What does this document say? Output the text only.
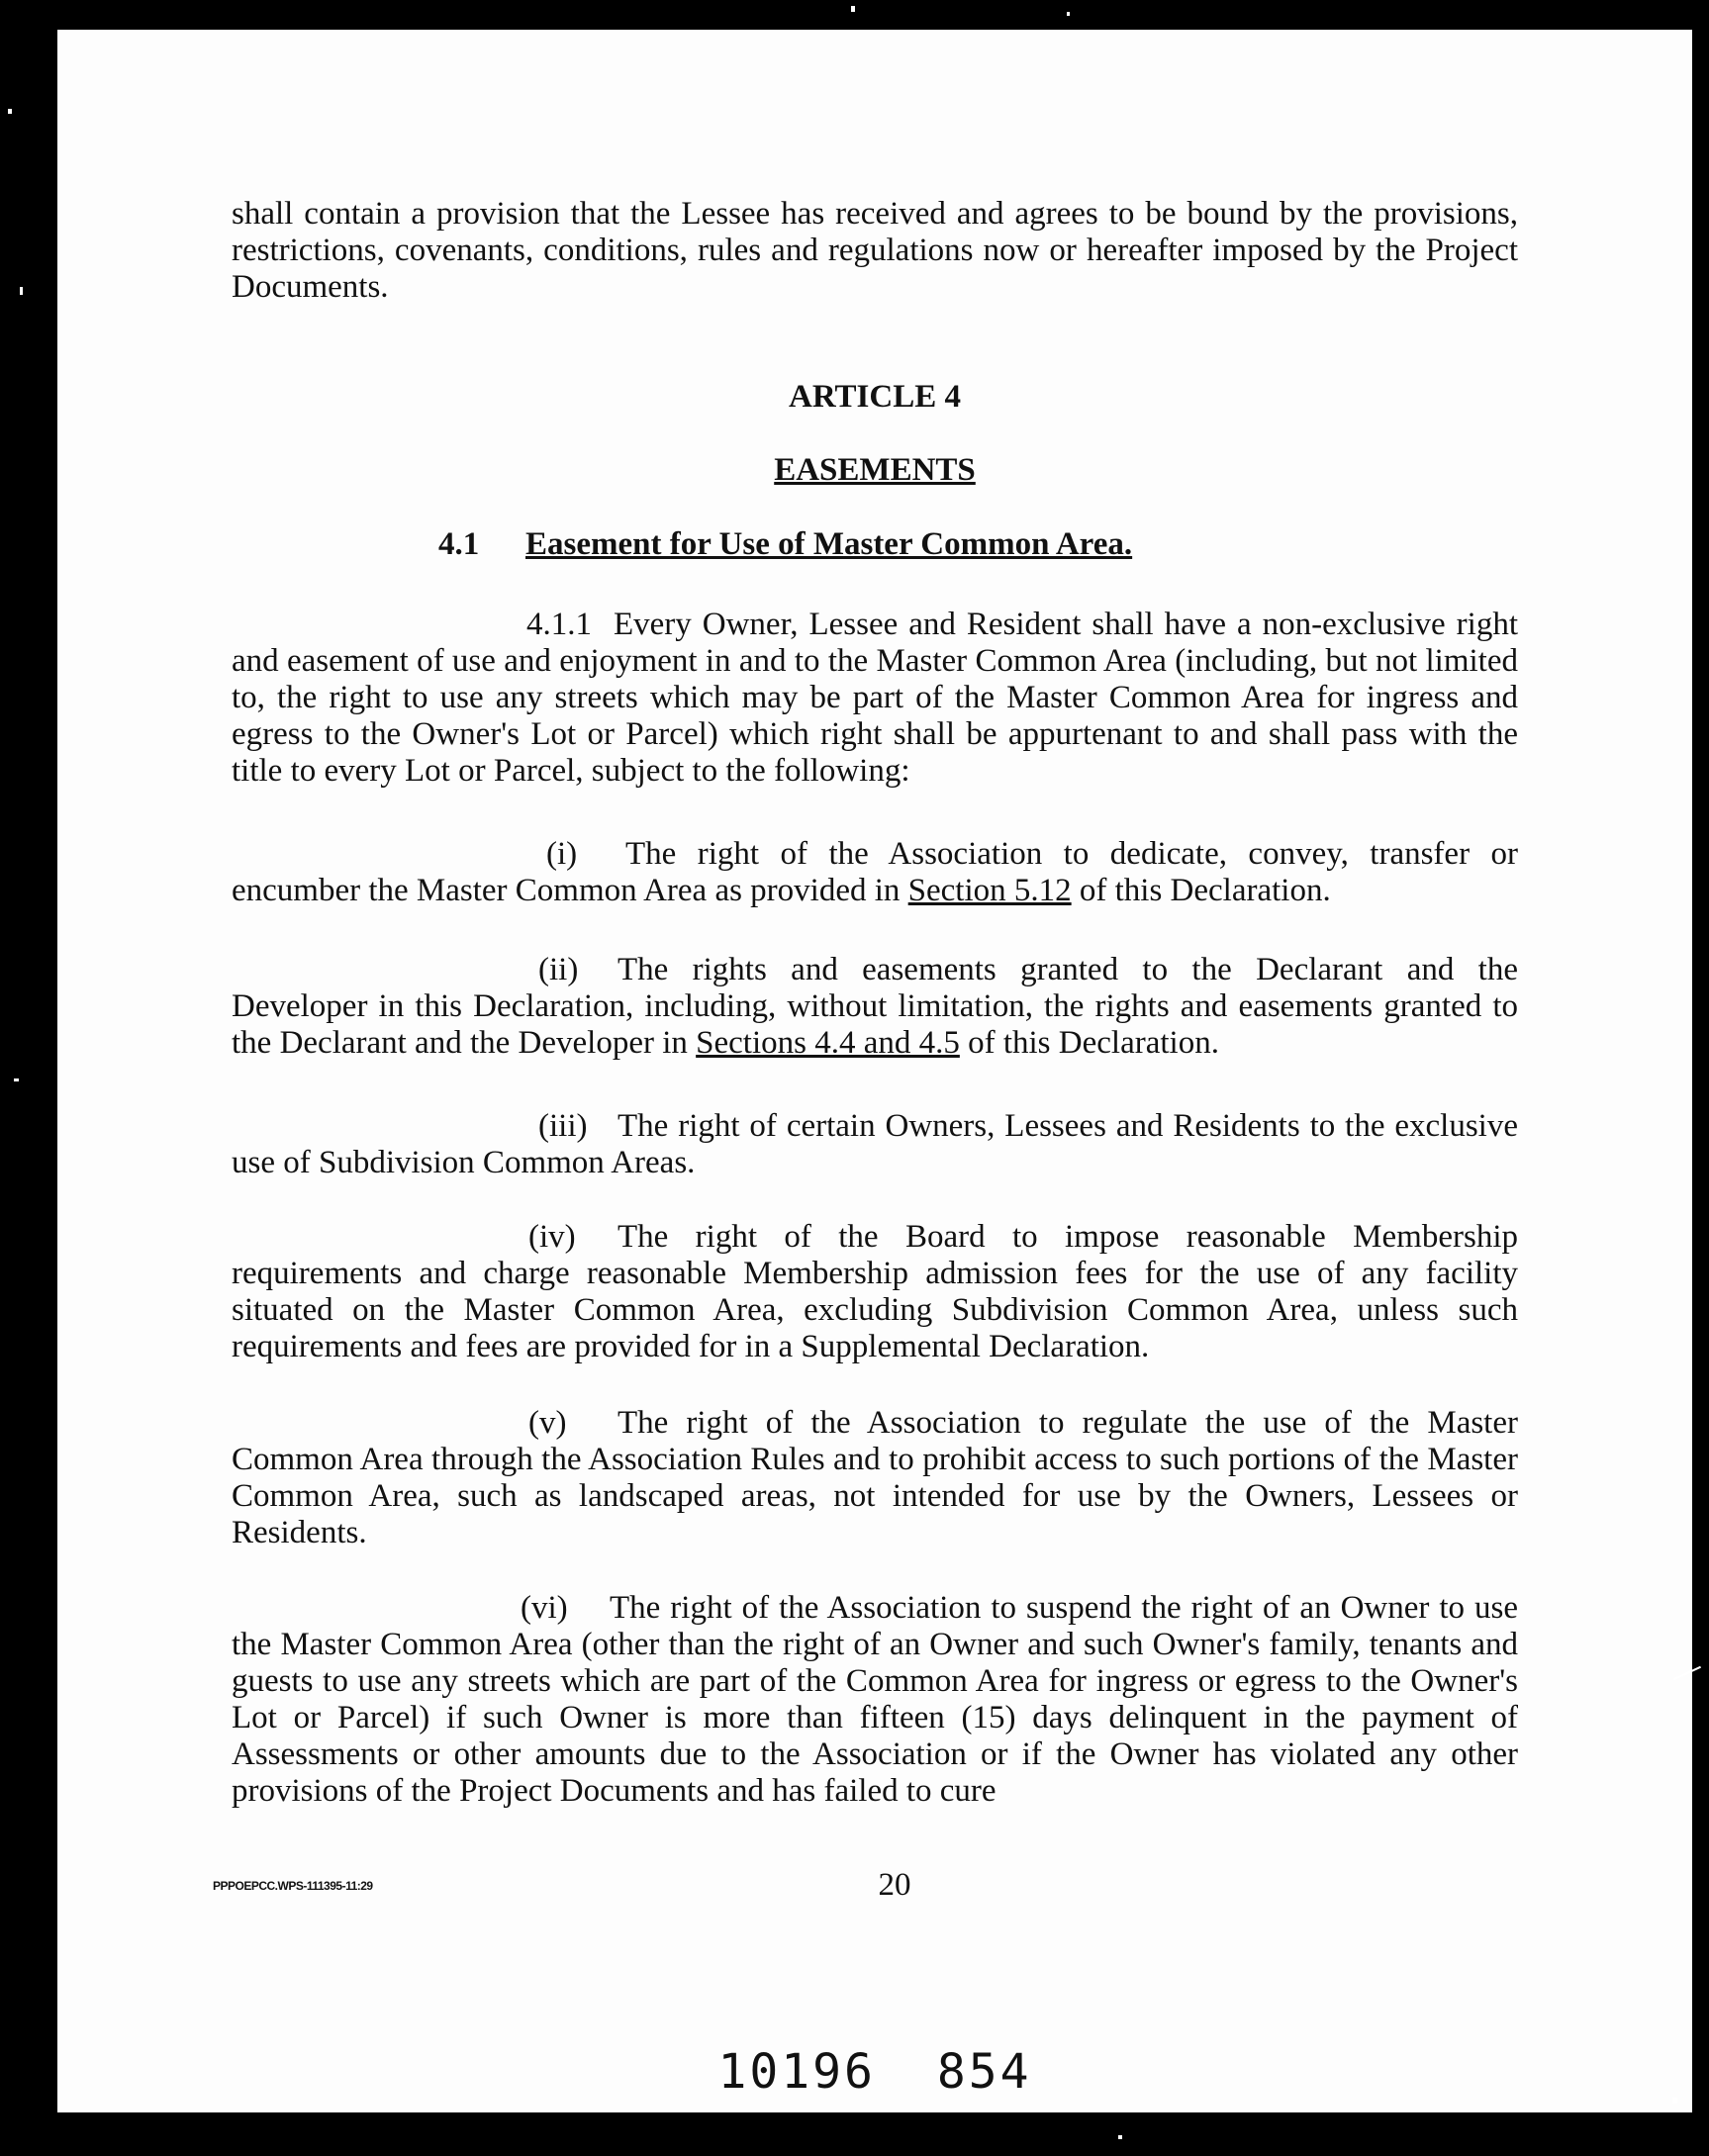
shall contain a provision that the Lessee has received and agrees to be bound by the provisions, restrictions, covenants, conditions, rules and regulations now or hereafter imposed by the Project Documents.
ARTICLE 4
EASEMENTS
4.1 Easement for Use of Master Common Area.
4.1.1 Every Owner, Lessee and Resident shall have a non-exclusive right and easement of use and enjoyment in and to the Master Common Area (including, but not limited to, the right to use any streets which may be part of the Master Common Area for ingress and egress to the Owner's Lot or Parcel) which right shall be appurtenant to and shall pass with the title to every Lot or Parcel, subject to the following:
(i) The right of the Association to dedicate, convey, transfer or encumber the Master Common Area as provided in Section 5.12 of this Declaration.
(ii) The rights and easements granted to the Declarant and the Developer in this Declaration, including, without limitation, the rights and easements granted to the Declarant and the Developer in Sections 4.4 and 4.5 of this Declaration.
(iii) The right of certain Owners, Lessees and Residents to the exclusive use of Subdivision Common Areas.
(iv) The right of the Board to impose reasonable Membership requirements and charge reasonable Membership admission fees for the use of any facility situated on the Master Common Area, excluding Subdivision Common Area, unless such requirements and fees are provided for in a Supplemental Declaration.
(v) The right of the Association to regulate the use of the Master Common Area through the Association Rules and to prohibit access to such portions of the Master Common Area, such as landscaped areas, not intended for use by the Owners, Lessees or Residents.
(vi) The right of the Association to suspend the right of an Owner to use the Master Common Area (other than the right of an Owner and such Owner's family, tenants and guests to use any streets which are part of the Common Area for ingress or egress to the Owner's Lot or Parcel) if such Owner is more than fifteen (15) days delinquent in the payment of Assessments or other amounts due to the Association or if the Owner has violated any other provisions of the Project Documents and has failed to cure
PPPOEPCC.WPS-111395-11:29	20
10196 854
